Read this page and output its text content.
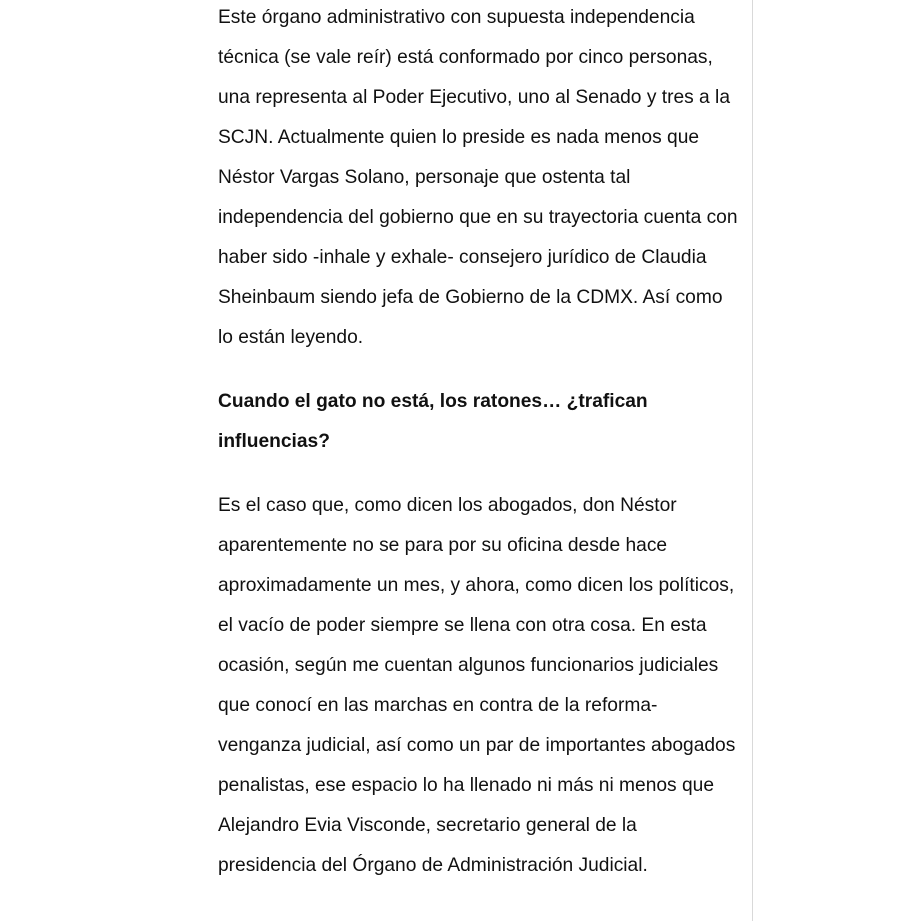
Este órgano administrativo con supuesta independencia técnica (se vale reír) está conformado por cinco personas, una representa al Poder Ejecutivo, uno al Senado y tres a la SCJN. Actualmente quien lo preside es nada menos que Néstor Vargas Solano, personaje que ostenta tal independencia del gobierno que en su trayectoria cuenta con haber sido -inhale y exhale- consejero jurídico de Claudia Sheinbaum siendo jefa de Gobierno de la CDMX. Así como lo están leyendo.

Cuando el gato no está, los ratones… ¿trafican influencias?

Es el caso que, como dicen los abogados, don Néstor aparentemente no se para por su oficina desde hace aproximadamente un mes, y ahora, como dicen los políticos, el vacío de poder siempre se llena con otra cosa. En esta ocasión, según me cuentan algunos funcionarios judiciales que conocí en las marchas en contra de la reforma-venganza judicial, así como un par de importantes abogados penalistas, ese espacio lo ha llenado ni más ni menos que Alejandro Evia Visconde, secretario general de la presidencia del Órgano de Administración Judicial.
